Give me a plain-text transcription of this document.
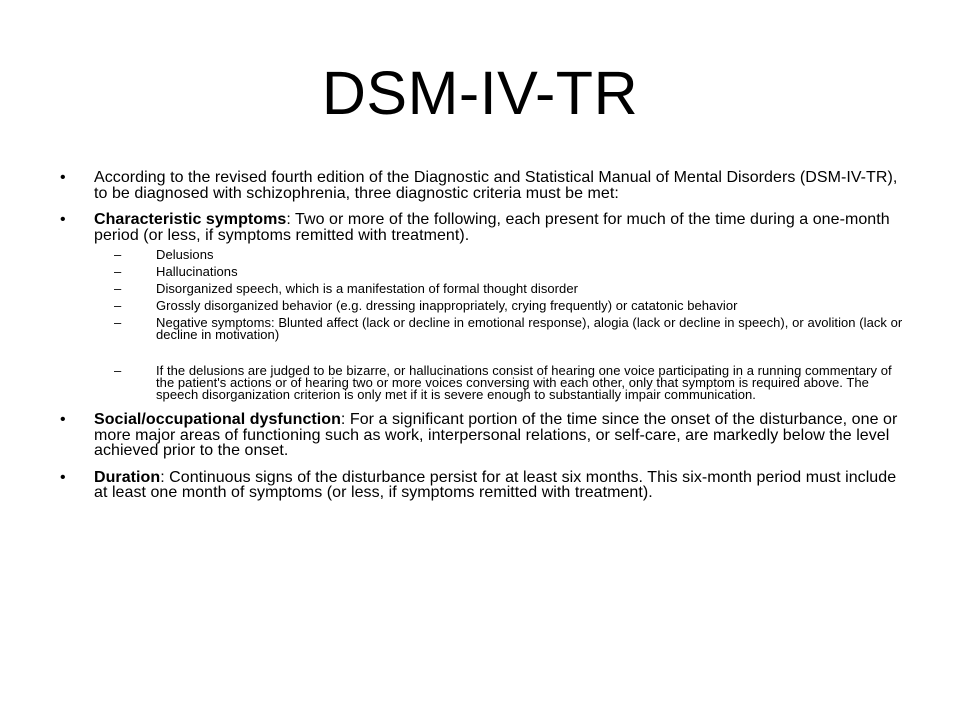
DSM-IV-TR
• According to the revised fourth edition of the Diagnostic and Statistical Manual of Mental Disorders (DSM-IV-TR), to be diagnosed with schizophrenia, three diagnostic criteria must be met:
• Characteristic symptoms: Two or more of the following, each present for much of the time during a one-month period (or less, if symptoms remitted with treatment).
–	Delusions
–	Hallucinations
–	Disorganized speech, which is a manifestation of formal thought disorder
–	Grossly disorganized behavior (e.g. dressing inappropriately, crying frequently) or catatonic behavior
–	Negative symptoms: Blunted affect (lack or decline in emotional response), alogia (lack or decline in speech), or avolition (lack or decline in motivation)
–	If the delusions are judged to be bizarre, or hallucinations consist of hearing one voice participating in a running commentary of the patient's actions or of hearing two or more voices conversing with each other, only that symptom is required above. The speech disorganization criterion is only met if it is severe enough to substantially impair communication.
• Social/occupational dysfunction: For a significant portion of the time since the onset of the disturbance, one or more major areas of functioning such as work, interpersonal relations, or self-care, are markedly below the level achieved prior to the onset.
• Duration: Continuous signs of the disturbance persist for at least six months. This six-month period must include at least one month of symptoms (or less, if symptoms remitted with treatment).
